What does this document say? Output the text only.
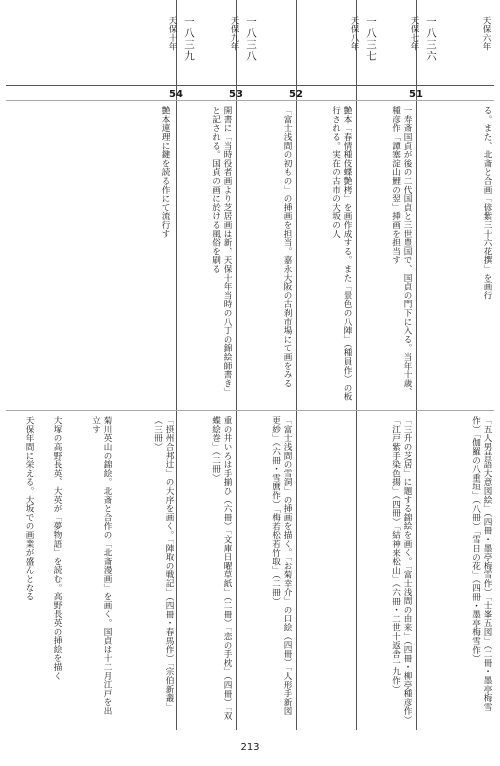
一八三六
天保七年
一八三七
天保八年
一八三八
天保九年
一八三九
天保十年	天保六年
51
52
53
54
る。また、北斎と合画「偐紫三十六花撰」を画行
一寿斎国貞が後の二代国貞と三世豊国で、国貞の門下に入る。当年十歳、種彦作「譚塞淀山鯉の翌」挿画を担当す
艶本「春情種伎蝶艶栲」を画作成する。また「景色の八陣」（種員作）の板行される。実在の古市の大坂の人
「富士浅間の初もの」の挿画を担当。嘉永大阪の古刹市場にて画をみる
開書に「当時役者画より芝居画は新、天保十年当時の八丁の錦絵師書き」と記される。国貞の画に於ける風俗を刷る
艶本連理に鍵を読る作にて流行す
「五人男昔語大意図絵」（四冊・墨亭梅雪作）「士峯五図」（二冊・墨亭梅雪作）「伽羅の八重垣」（八冊）「雪日の花」（四冊・墨亭梅雪作）
「三升の芝居」に題する錦絵を画く。「富士浅間の由来」（四冊・柳亭種彦作）「江戸紫手染色揚」（四冊）「結神来松山」（六冊・二世十返舎一九作）
「富士浅間の雪洞」の挿画を描く。「お菊幸介」の口絵（四冊）「人形手新図更紗」（六冊・雪麿作）「梅若松若竹取」（二冊）
重の井いろは手揃ひ（六冊）「文庫日曜草紙」（二冊）「恋の手枕」（四冊）「双蝶絵巻」（二冊）
「摂州合邦辻」の大序を画く。「陣取の戦記」（四冊・春馬作）「宗伯新叢」（三冊）
菊川英山の錦絵。北斎と合作の「北斎漫画」を画く。国貞は十二月江戸を出立す
大塚の高野長英、大英が「夢物語」を読む。高野長英の挿絵を描く
天保年間に栄える。大坂での画業が盛んとなる
213
